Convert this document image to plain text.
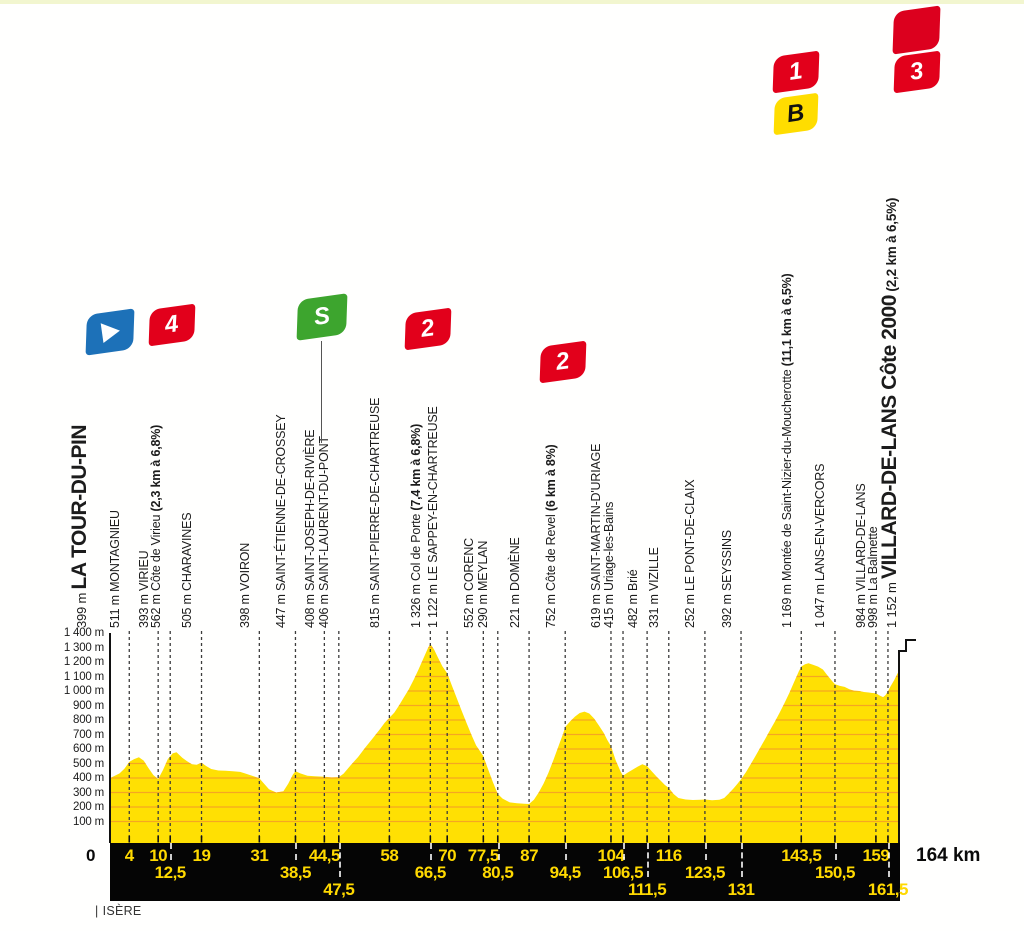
1 400 m
1 300 m
1 200 m
1 100 m
1 000 m
900 m
800 m
700 m
600 m
500 m
400 m
300 m
200 m
100 m
399 m LA TOUR-DU-PIN
511 m MONTAGNIEU
393 m VIRIEU
562 m Côte de Virieu (2,3 km à 6,8%)
505 m CHARAVINES
398 m VOIRON
447 m SAINT-ÉTIENNE-DE-CROSSEY
408 m SAINT-JOSEPH-DE-RIVIÈRE
406 m SAINT-LAURENT-DU-PONT
815 m SAINT-PIERRE-DE-CHARTREUSE
1 326 m Col de Porte (7,4 km à 6,8%)
1 122 m LE SAPPEY-EN-CHARTREUSE
552 m CORENC
290 m MEYLAN
221 m DOMÈNE
752 m Côte de Revel (6 km à 8%)
619 m SAINT-MARTIN-D'URIAGE
415 m Uriage-les-Bains
482 m Brié
331 m VIZILLE
252 m LE PONT-DE-CLAIX
392 m SEYSSINS
1 169 m Montée de Saint-Nizier-du-Moucherotte (11,1 km à 6,5%)
1 047 m LANS-EN-VERCORS
984 m VILLARD-DE-LANS
998 m La Balmette
1 152 m VILLARD-DE-LANS Côte 2000 (2,2 km à 6,5%)
4	S	2
2
1
B
3
4 10
12,5
19 31
38,5
44,5
47,5
58
66,5
70 77,5
80,5
87
94,5
104
106,5
111,5
116
123,5
131
143,5
150,5
159
161,5
0	164 km
| ISÈRE
